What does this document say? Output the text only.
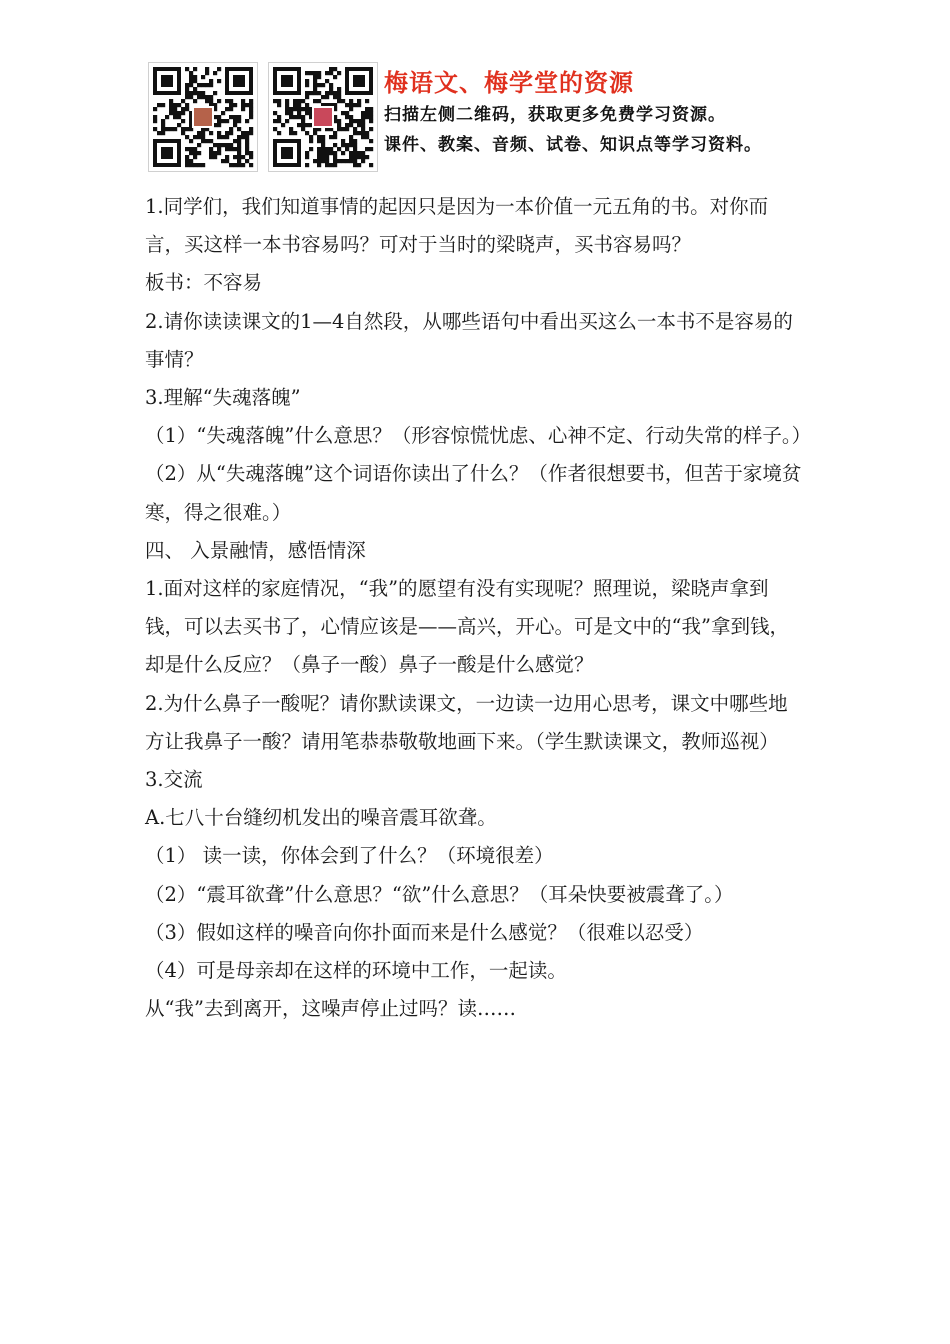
梅语文、梅学堂的资源
扫描左侧二维码，获取更多免费学习资源。
课件、教案、音频、试卷、知识点等学习资料。

1.同学们，我们知道事情的起因只是因为一本价值一元五角的书。对你而言，买这样一本书容易吗？可对于当时的梁晓声，买书容易吗？

板书：不容易

2.请你读读课文的1—4自然段，从哪些语句中看出买这么一本书不是容易的事情？

3.理解“失魂落魄”

（1）“失魂落魄”什么意思？（形容惊慌忧虑、心神不定、行动失常的样子。）

（2）从“失魂落魄”这个词语你读出了什么？（作者很想要书，但苦于家境贫寒，得之很难。）

四、 入景融情，感悟情深

1.面对这样的家庭情况，“我”的愿望有没有实现呢？照理说，梁晓声拿到钱，可以去买书了，心情应该是——高兴，开心。可是文中的“我”拿到钱，却是什么反应？（鼻子一酸）鼻子一酸是什么感觉？

2.为什么鼻子一酸呢？请你默读课文，一边读一边用心思考，课文中哪些地方让我鼻子一酸？请用笔恭恭敬敬地画下来。（学生默读课文，教师巡视）

3.交流

A.七八十台缝纫机发出的噪音震耳欲聋。

（1） 读一读，你体会到了什么？（环境很差）

（2）“震耳欲聋”什么意思？“欲”什么意思？（耳朵快要被震聋了。）

（3）假如这样的噪音向你扑面而来是什么感觉？（很难以忍受）

（4）可是母亲却在这样的环境中工作，一起读。

从“我”去到离开，这噪声停止过吗？读……
